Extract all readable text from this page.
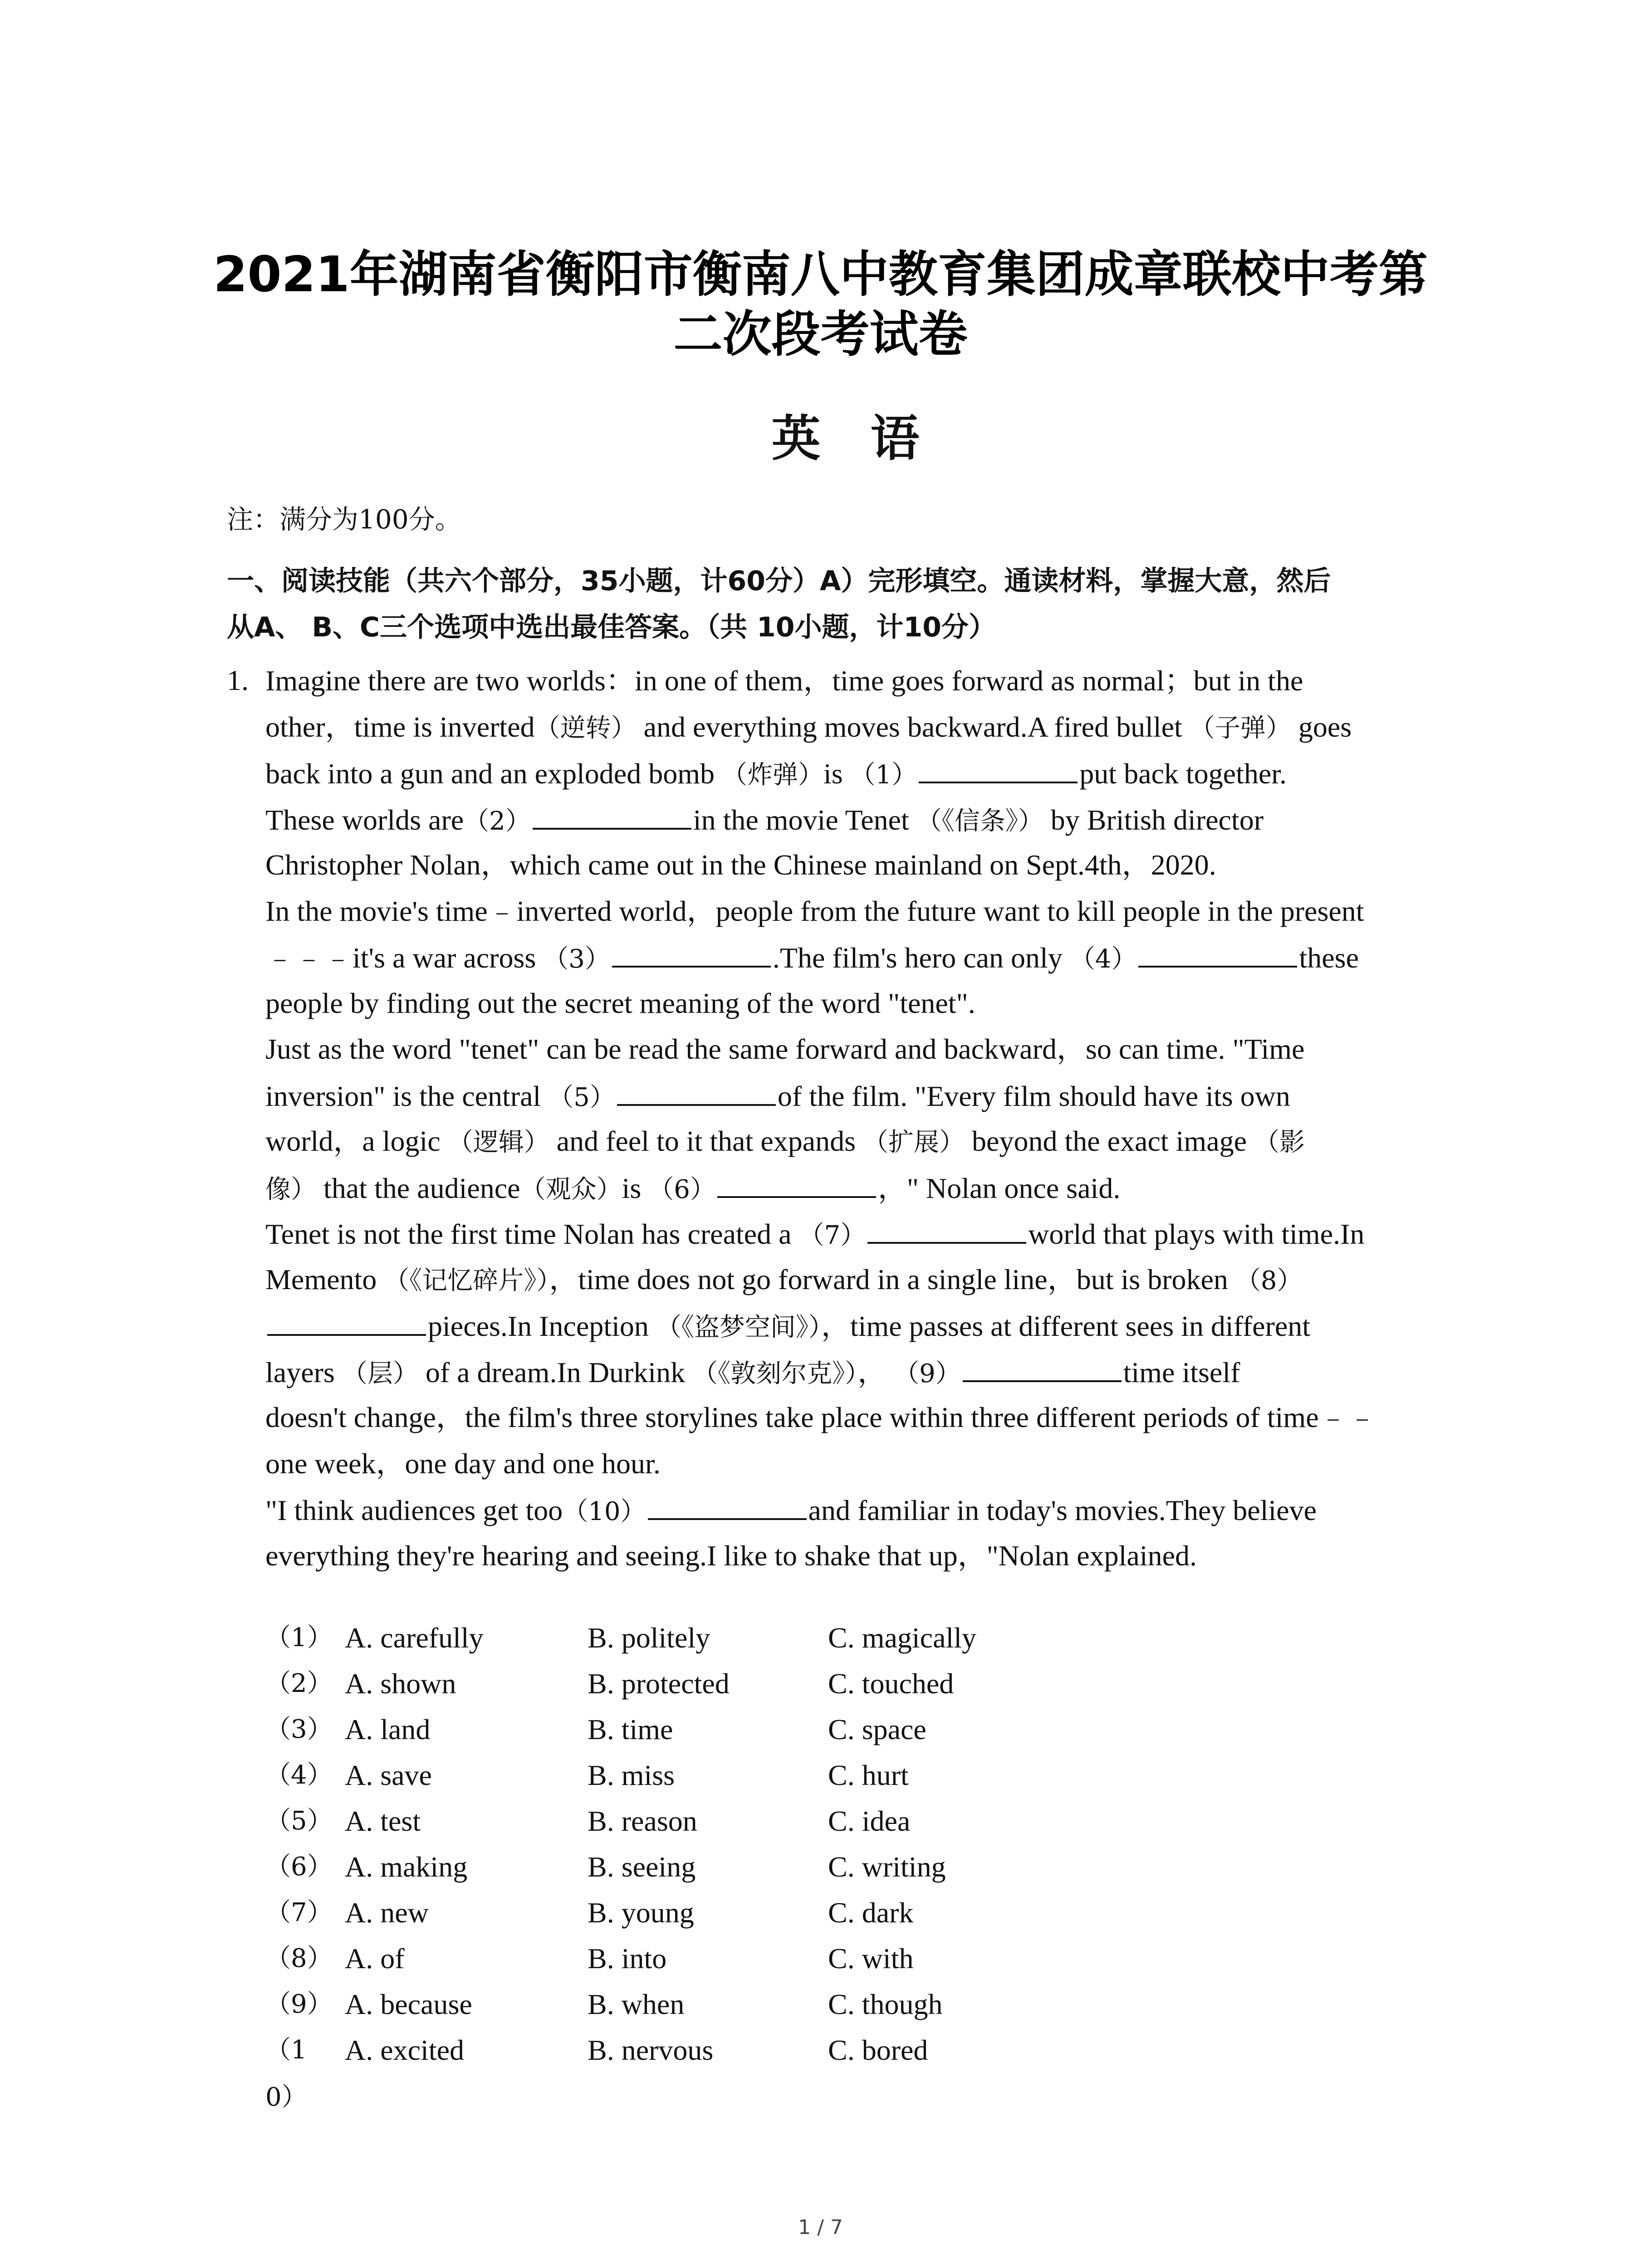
2021年湖南省衡阳市衡南八中教育集团成章联校中考第
二次段考试卷
英语
注：满分为100分。
一、阅读技能（共六个部分，35小题，计60分）A）完形填空。通读材料，掌握大意，然后
从A、 B、C三个选项中选出最佳答案。（共 10小题，计10分）
1. Imagine there are two worlds：in one of them，time goes forward as normal；but in the
other，time is inverted（逆转） and everything moves backward.A fired bullet （子弹） goes
back into a gun and an exploded bomb （炸弹）is （1）	put back together.
These worlds are（2）	in the movie Tenet （《信条》） by British director
Christopher Nolan，which came out in the Chinese mainland on Sept.4th，2020.
In the movie's time﹣inverted world，people from the future want to kill people in the present
﹣﹣﹣it's a war across （3）	.The film's hero can only （4）	these
people by finding out the secret meaning of the word "tenet".
Just as the word "tenet" can be read the same forward and backward，so can time. "Time
inversion" is the central （5）	of the film. "Every film should have its own
world，a logic （逻辑） and feel to it that expands （扩展） beyond the exact image （影
像） that the audience（观众）is （6）	，" Nolan once said.
Tenet is not the first time Nolan has created a （7）	world that plays with time.In
Memento （《记忆碎片》），time does not go forward in a single line，but is broken （8）
pieces.In Inception （《盗梦空间》），time passes at different sees in different
layers （层） of a dream.In Durkink （《敦刻尔克》）， （9）	time itself
doesn't change，the film's three storylines take place within three different periods of time﹣﹣
one week，one day and one hour.
"I think audiences get too（10）	and familiar in today's movies.They believe
everything they're hearing and seeing.I like to shake that up，"Nolan explained.
（1） A. carefully	B. politely	C. magically
（2） A. shown	B. protected	C. touched
（3） A. land	B. time	C. space
（4） A. save	B. miss	C. hurt
（5） A. test	B. reason	C. idea
（6） A. making	B. seeing	C. writing
（7） A. new	B. young	C. dark
（8） A. of	B. into	C. with
（9） A. because	B. when	C. though
（1	A. excited	B. nervous	C. bored
0）
1 / 7
